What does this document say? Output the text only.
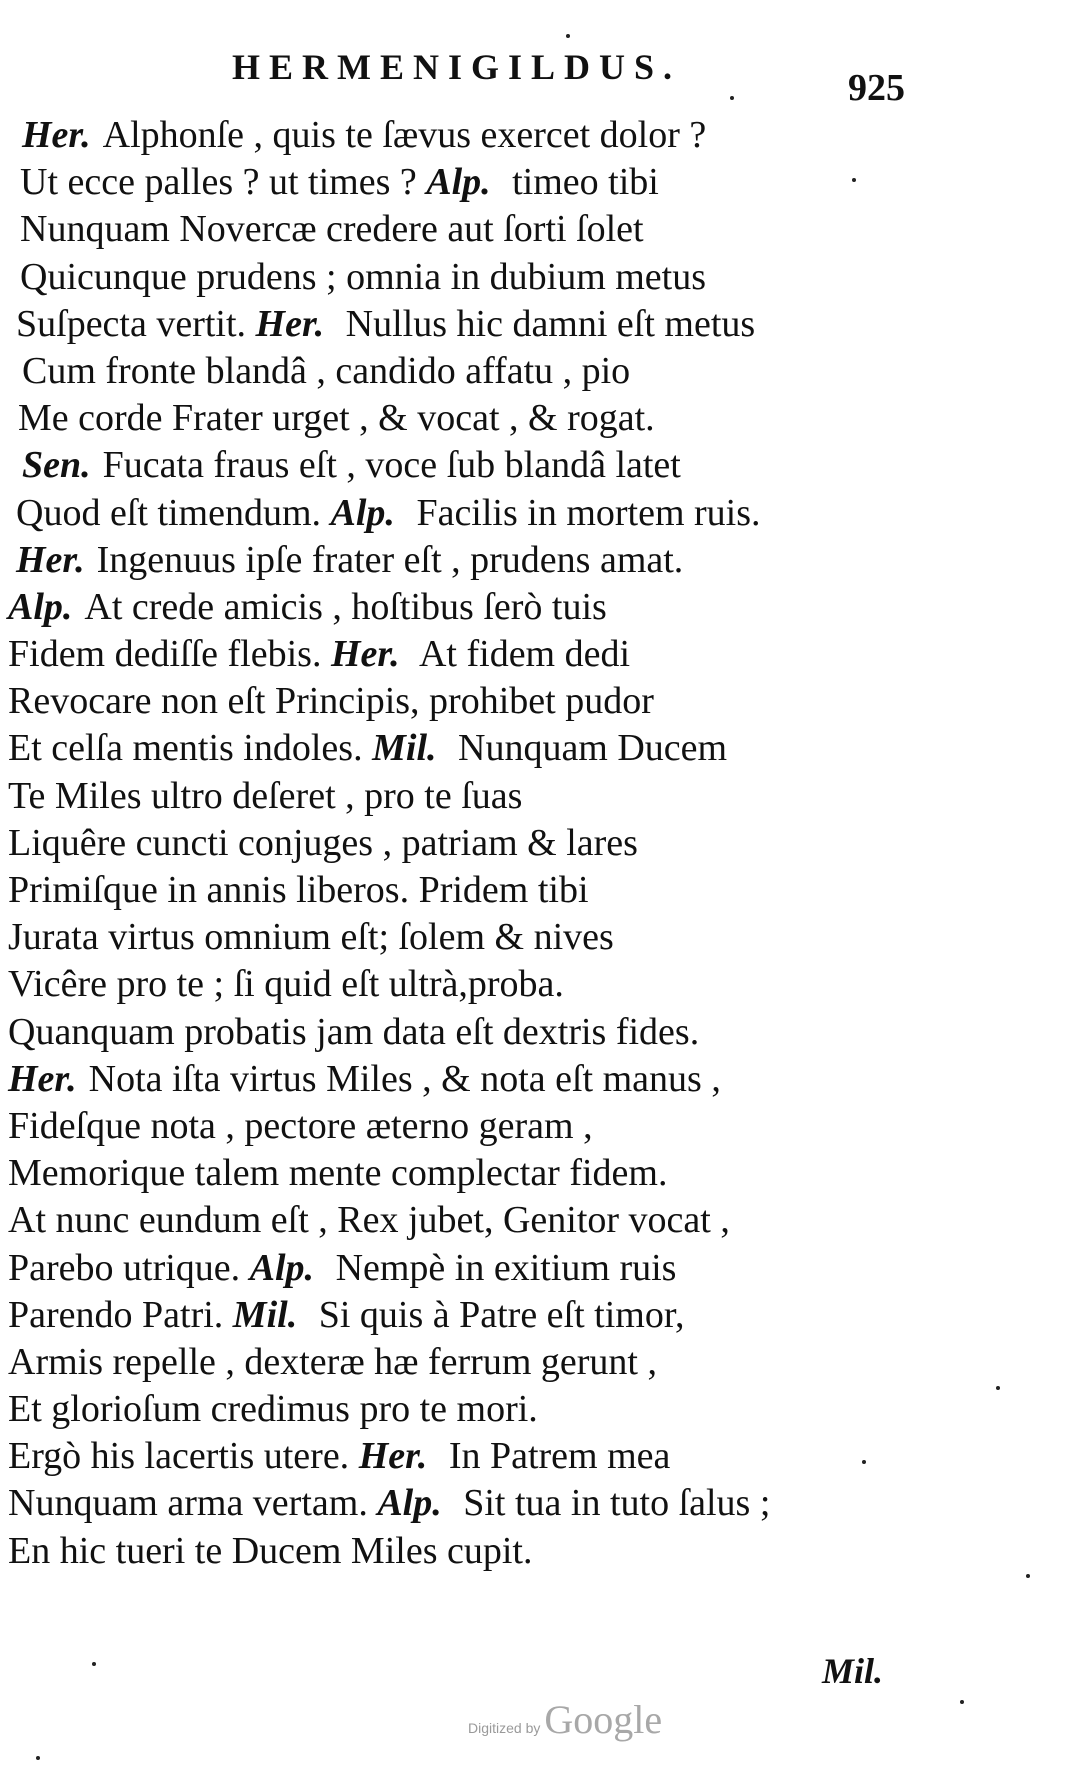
HERMENIGILDUS.	925
Her. Alphonſe , quis te ſævus exercet dolor ?
Ut ecce palles ? ut times ? Alp. timeo tibi
Nunquam Novercæ credere aut ſorti ſolet
Quicunque prudens ; omnia in dubium metus
Suſpecta vertit. Her. Nullus hic damni eſt metus
Cum fronte blandâ , candido affatu , pio
Me corde Frater urget , & vocat , & rogat.
Sen. Fucata fraus eſt , voce ſub blandâ latet
Quod eſt timendum. Alp. Facilis in mortem ruis.
Her. Ingenuus ipſe frater eſt , prudens amat.
Alp. At crede amicis , hoſtibus ſerò tuis
Fidem dediſſe flebis. Her. At fidem dedi
Revocare non eſt Principis, prohibet pudor
Et celſa mentis indoles. Mil. Nunquam Ducem
Te Miles ultro deſeret , pro te ſuas
Liquêre cuncti conjuges , patriam & lares
Primiſque in annis liberos. Pridem tibi
Jurata virtus omnium eſt; ſolem & nives
Vicêre pro te ; ſi quid eſt ultrà,proba.
Quanquam probatis jam data eſt dextris fides.
Her. Nota iſta virtus Miles , & nota eſt manus ,
Fideſque nota , pectore æterno geram ,
Memorique talem mente complectar fidem.
At nunc eundum eſt , Rex jubet, Genitor vocat ,
Parebo utrique. Alp. Nempè in exitium ruis
Parendo Patri. Mil. Si quis à Patre eſt timor,
Armis repelle , dexteræ hæ ferrum gerunt ,
Et glorioſum credimus pro te mori.
Ergò his lacertis utere. Her. In Patrem mea
Nunquam arma vertam. Alp. Sit tua in tuto ſalus ;
En hic tueri te Ducem Miles cupit.
Mil.
Digitized by Google
